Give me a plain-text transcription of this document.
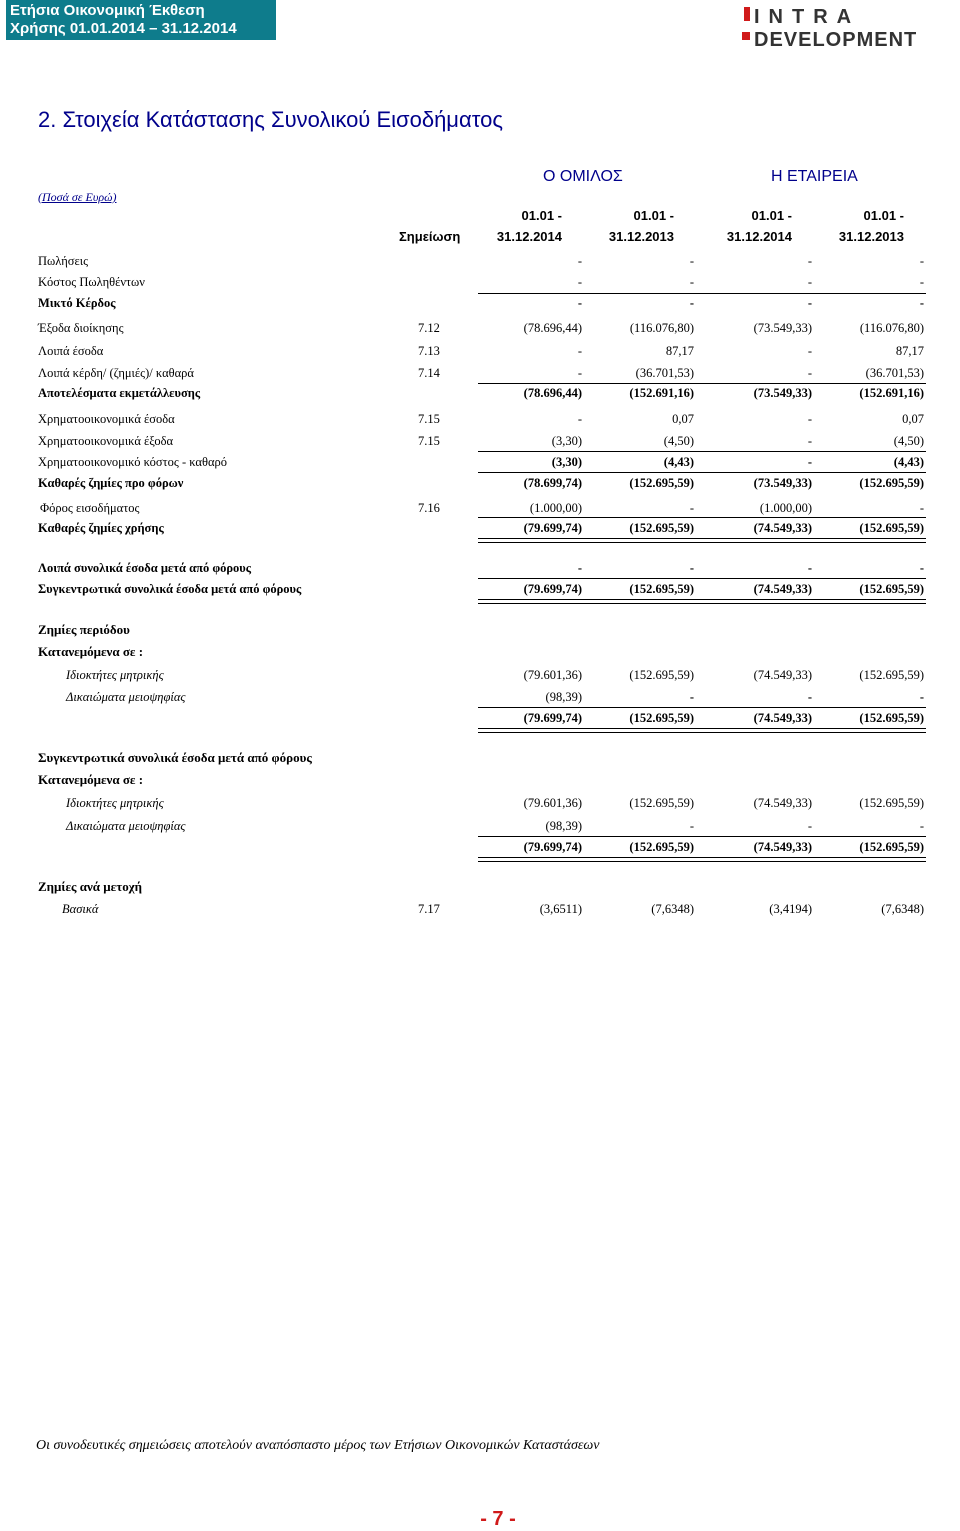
Ετήσια Οικονομική Έκθεση
Χρήσης 01.01.2014 – 31.12.2014
INTRA
DEVELOPMENT
2. Στοιχεία Κατάστασης Συνολικού Εισοδήματος
(Ποσά σε Ευρώ)
Ο ΟΜΙΛΟΣ	Η ΕΤΑΙΡΕΙΑ
01.01 -
31.12.2014
01.01 -
31.12.2013
01.01 -
31.12.2014
01.01 -
31.12.2013
Σημείωση
Πωλήσεις	-	-	-	-
Κόστος Πωληθέντων	-	-	-	-
Μικτό Κέρδος	-	-	-	-
Έξοδα διοίκησης	7.12	(78.696,44)	(116.076,80)	(73.549,33)	(116.076,80)
Λοιπά έσοδα	7.13	-	87,17	-	87,17
Λοιπά κέρδη/ (ζημιές)/ καθαρά	7.14	-	(36.701,53)	-	(36.701,53)
Αποτελέσματα εκμετάλλευσης	(78.696,44)	(152.691,16)	(73.549,33)	(152.691,16)
Χρηματοοικονομικά έσοδα	7.15	-	0,07	-	0,07
Χρηματοοικονομικά έξοδα	7.15	(3,30)	(4,50)	-	(4,50)
Χρηματοοικονομικό κόστος - καθαρό	(3,30)	(4,43)	-	(4,43)
Καθαρές ζημίες προ φόρων	(78.699,74)	(152.695,59)	(73.549,33)	(152.695,59)
Φόρος εισοδήματος	7.16	(1.000,00)	-	(1.000,00)	-
Καθαρές ζημίες χρήσης	(79.699,74)	(152.695,59)	(74.549,33)	(152.695,59)
Λοιπά συνολικά έσοδα μετά από φόρους	-	-	-	-
Συγκεντρωτικά συνολικά έσοδα μετά από φόρους	(79.699,74)	(152.695,59)	(74.549,33)	(152.695,59)
Ζημίες περιόδου
Κατανεμόμενα σε :
Ιδιοκτήτες μητρικής	(79.601,36)	(152.695,59)	(74.549,33)	(152.695,59)
Δικαιώματα μειοψηφίας	(98,39)	-	-	-
(79.699,74)	(152.695,59)	(74.549,33)	(152.695,59)
Συγκεντρωτικά συνολικά έσοδα μετά από φόρους
Κατανεμόμενα σε :
Ιδιοκτήτες μητρικής	(79.601,36)	(152.695,59)	(74.549,33)	(152.695,59)
Δικαιώματα μειοψηφίας	(98,39)	-	-	-
(79.699,74)	(152.695,59)	(74.549,33)	(152.695,59)
Ζημίες ανά μετοχή
Βασικά	7.17	(3,6511)	(7,6348)	(3,4194)	(7,6348)
Οι συνοδευτικές σημειώσεις αποτελούν αναπόσπαστο μέρος των Ετήσιων Οικονομικών Καταστάσεων
- 7 -
